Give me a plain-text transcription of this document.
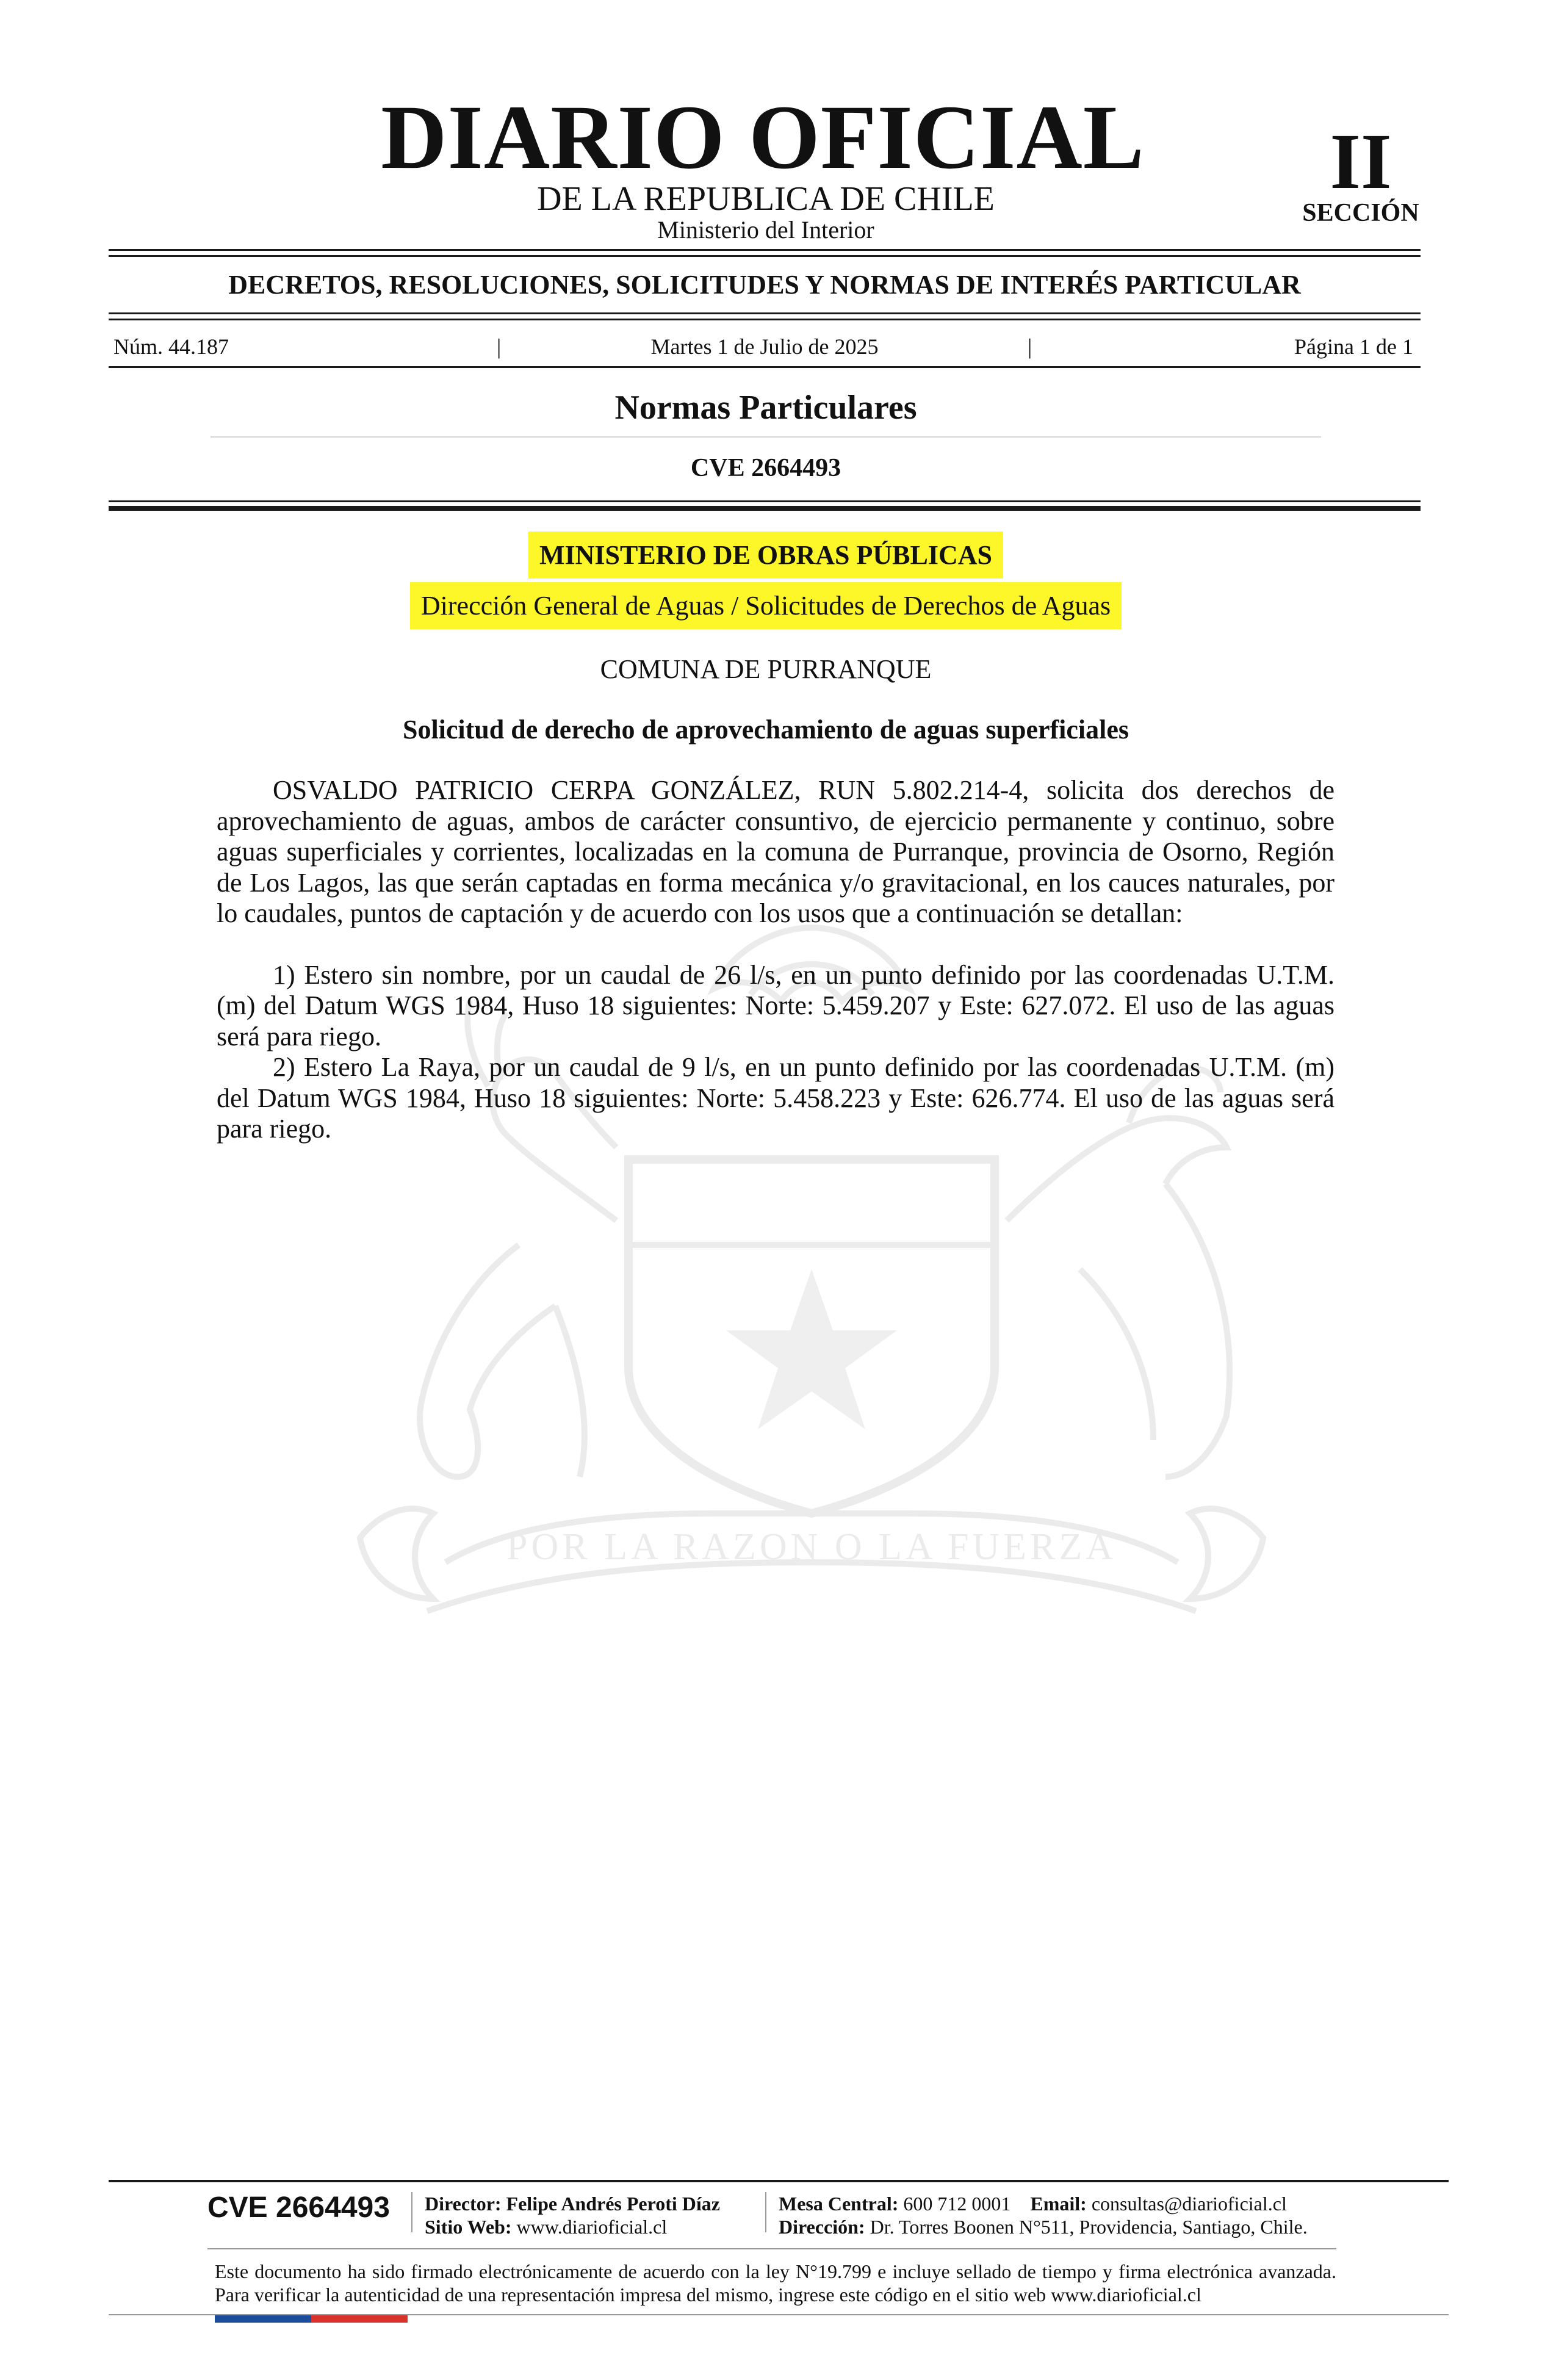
DIARIO OFICIAL
DE LA REPUBLICA DE CHILE
Ministerio del Interior
II
SECCIÓN
DECRETOS, RESOLUCIONES, SOLICITUDES Y NORMAS DE INTERÉS PARTICULAR
Núm. 44.187	|	Martes 1 de Julio de 2025	|	Página 1 de 1
Normas Particulares
CVE 2664493
POR LA RAZON O LA FUERZA
MINISTERIO DE OBRAS PÚBLICAS
Dirección General de Aguas / Solicitudes de Derechos de Aguas
COMUNA DE PURRANQUE
Solicitud de derecho de aprovechamiento de aguas superficiales

OSVALDO PATRICIO CERPA GONZÁLEZ, RUN 5.802.214-4, solicita dos derechos de aprovechamiento de aguas, ambos de carácter consuntivo, de ejercicio permanente y continuo, sobre aguas superficiales y corrientes, localizadas en la comuna de Purranque, provincia de Osorno, Región de Los Lagos, las que serán captadas en forma mecánica y/o gravitacional, en los cauces naturales, por lo caudales, puntos de captación y de acuerdo con los usos que a continuación se detallan:

1) Estero sin nombre, por un caudal de 26 l/s, en un punto definido por las coordenadas U.T.M. (m) del Datum WGS 1984, Huso 18 siguientes: Norte: 5.459.207 y Este: 627.072. El uso de las aguas será para riego.

2) Estero La Raya, por un caudal de 9 l/s, en un punto definido por las coordenadas U.T.M. (m) del Datum WGS 1984, Huso 18 siguientes: Norte: 5.458.223 y Este: 626.774. El uso de las aguas será para riego.

CVE 2664493	Director: Felipe Andrés Peroti Díaz
Sitio Web: www.diarioficial.cl
Mesa Central: 600 712 0001 Email: consultas@diarioficial.cl
Dirección: Dr. Torres Boonen N°511, Providencia, Santiago, Chile.
Este documento ha sido firmado electrónicamente de acuerdo con la ley N°19.799 e incluye sellado de tiempo y firma electrónica avanzada. Para verificar la autenticidad de una representación impresa del mismo, ingrese este código en el sitio web www.diarioficial.cl
